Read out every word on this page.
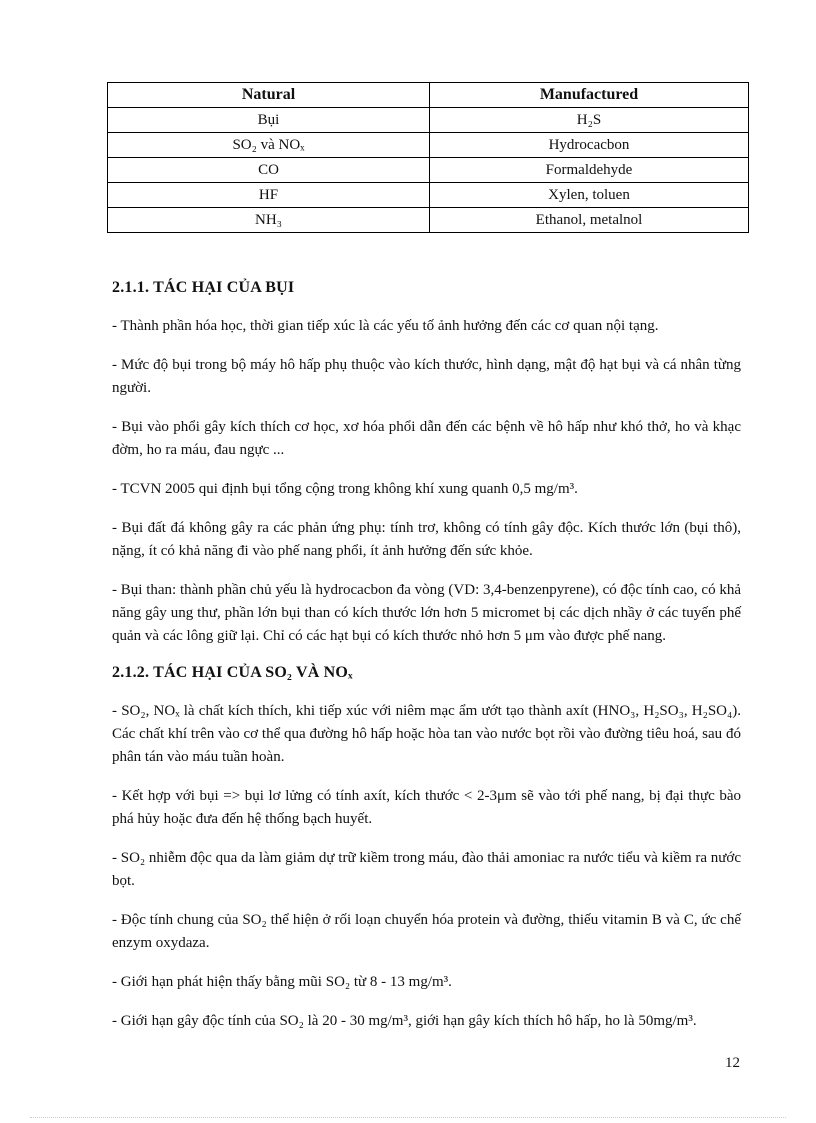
Natural	Manufactured
Bụi	H₂S
SO₂ và NOₓ	Hydrocacbon
CO	Formaldehyde
HF	Xylen, toluen
NH₃	Ethanol, metalnol
2.1.1. TÁC HẠI CỦA BỤI

- Thành phần hóa học, thời gian tiếp xúc là các yếu tố ảnh hưởng đến các cơ quan nội tạng.

- Mức độ bụi trong bộ máy hô hấp phụ thuộc vào kích thước, hình dạng, mật độ hạt bụi và cá nhân từng người.

- Bụi vào phổi gây kích thích cơ học, xơ hóa phổi dẫn đến các bệnh về hô hấp như khó thở, ho và khạc đờm, ho ra máu, đau ngực ...

- TCVN 2005 qui định bụi tổng cộng trong không khí xung quanh 0,5 mg/m³.

- Bụi đất đá không gây ra các phản ứng phụ: tính trơ, không có tính gây độc. Kích thước lớn (bụi thô), nặng, ít có khả năng đi vào phế nang phổi, ít ảnh hưởng đến sức khỏe.

- Bụi than: thành phần chủ yếu là hydrocacbon đa vòng (VD: 3,4-benzenpyrene), có độc tính cao, có khả năng gây ung thư, phần lớn bụi than có kích thước lớn hơn 5 micromet bị các dịch nhầy ở các tuyến phế quản và các lông giữ lại. Chỉ có các hạt bụi có kích thước nhỏ hơn 5 μm vào được phế nang.

2.1.2. TÁC HẠI CỦA SO₂ VÀ NOₓ

- SO₂, NOₓ là chất kích thích, khi tiếp xúc với niêm mạc ẩm ướt tạo thành axít (HNO₃, H₂SO₃, H₂SO₄). Các chất khí trên vào cơ thể qua đường hô hấp hoặc hòa tan vào nước bọt rồi vào đường tiêu hoá, sau đó phân tán vào máu tuần hoàn.

- Kết hợp với bụi => bụi lơ lửng có tính axít, kích thước < 2-3μm sẽ vào tới phế nang, bị đại thực bào phá hủy hoặc đưa đến hệ thống bạch huyết.

- SO₂ nhiễm độc qua da làm giảm dự trữ kiềm trong máu, đào thải amoniac ra nước tiểu và kiềm ra nước bọt.

- Độc tính chung của SO₂ thể hiện ở rối loạn chuyển hóa protein và đường, thiếu vitamin B và C, ức chế enzym oxydaza.

- Giới hạn phát hiện thấy bằng mũi SO₂ từ 8 - 13 mg/m³.

- Giới hạn gây độc tính của SO₂ là 20 - 30 mg/m³, giới hạn gây kích thích hô hấp, ho là 50mg/m³.

12
